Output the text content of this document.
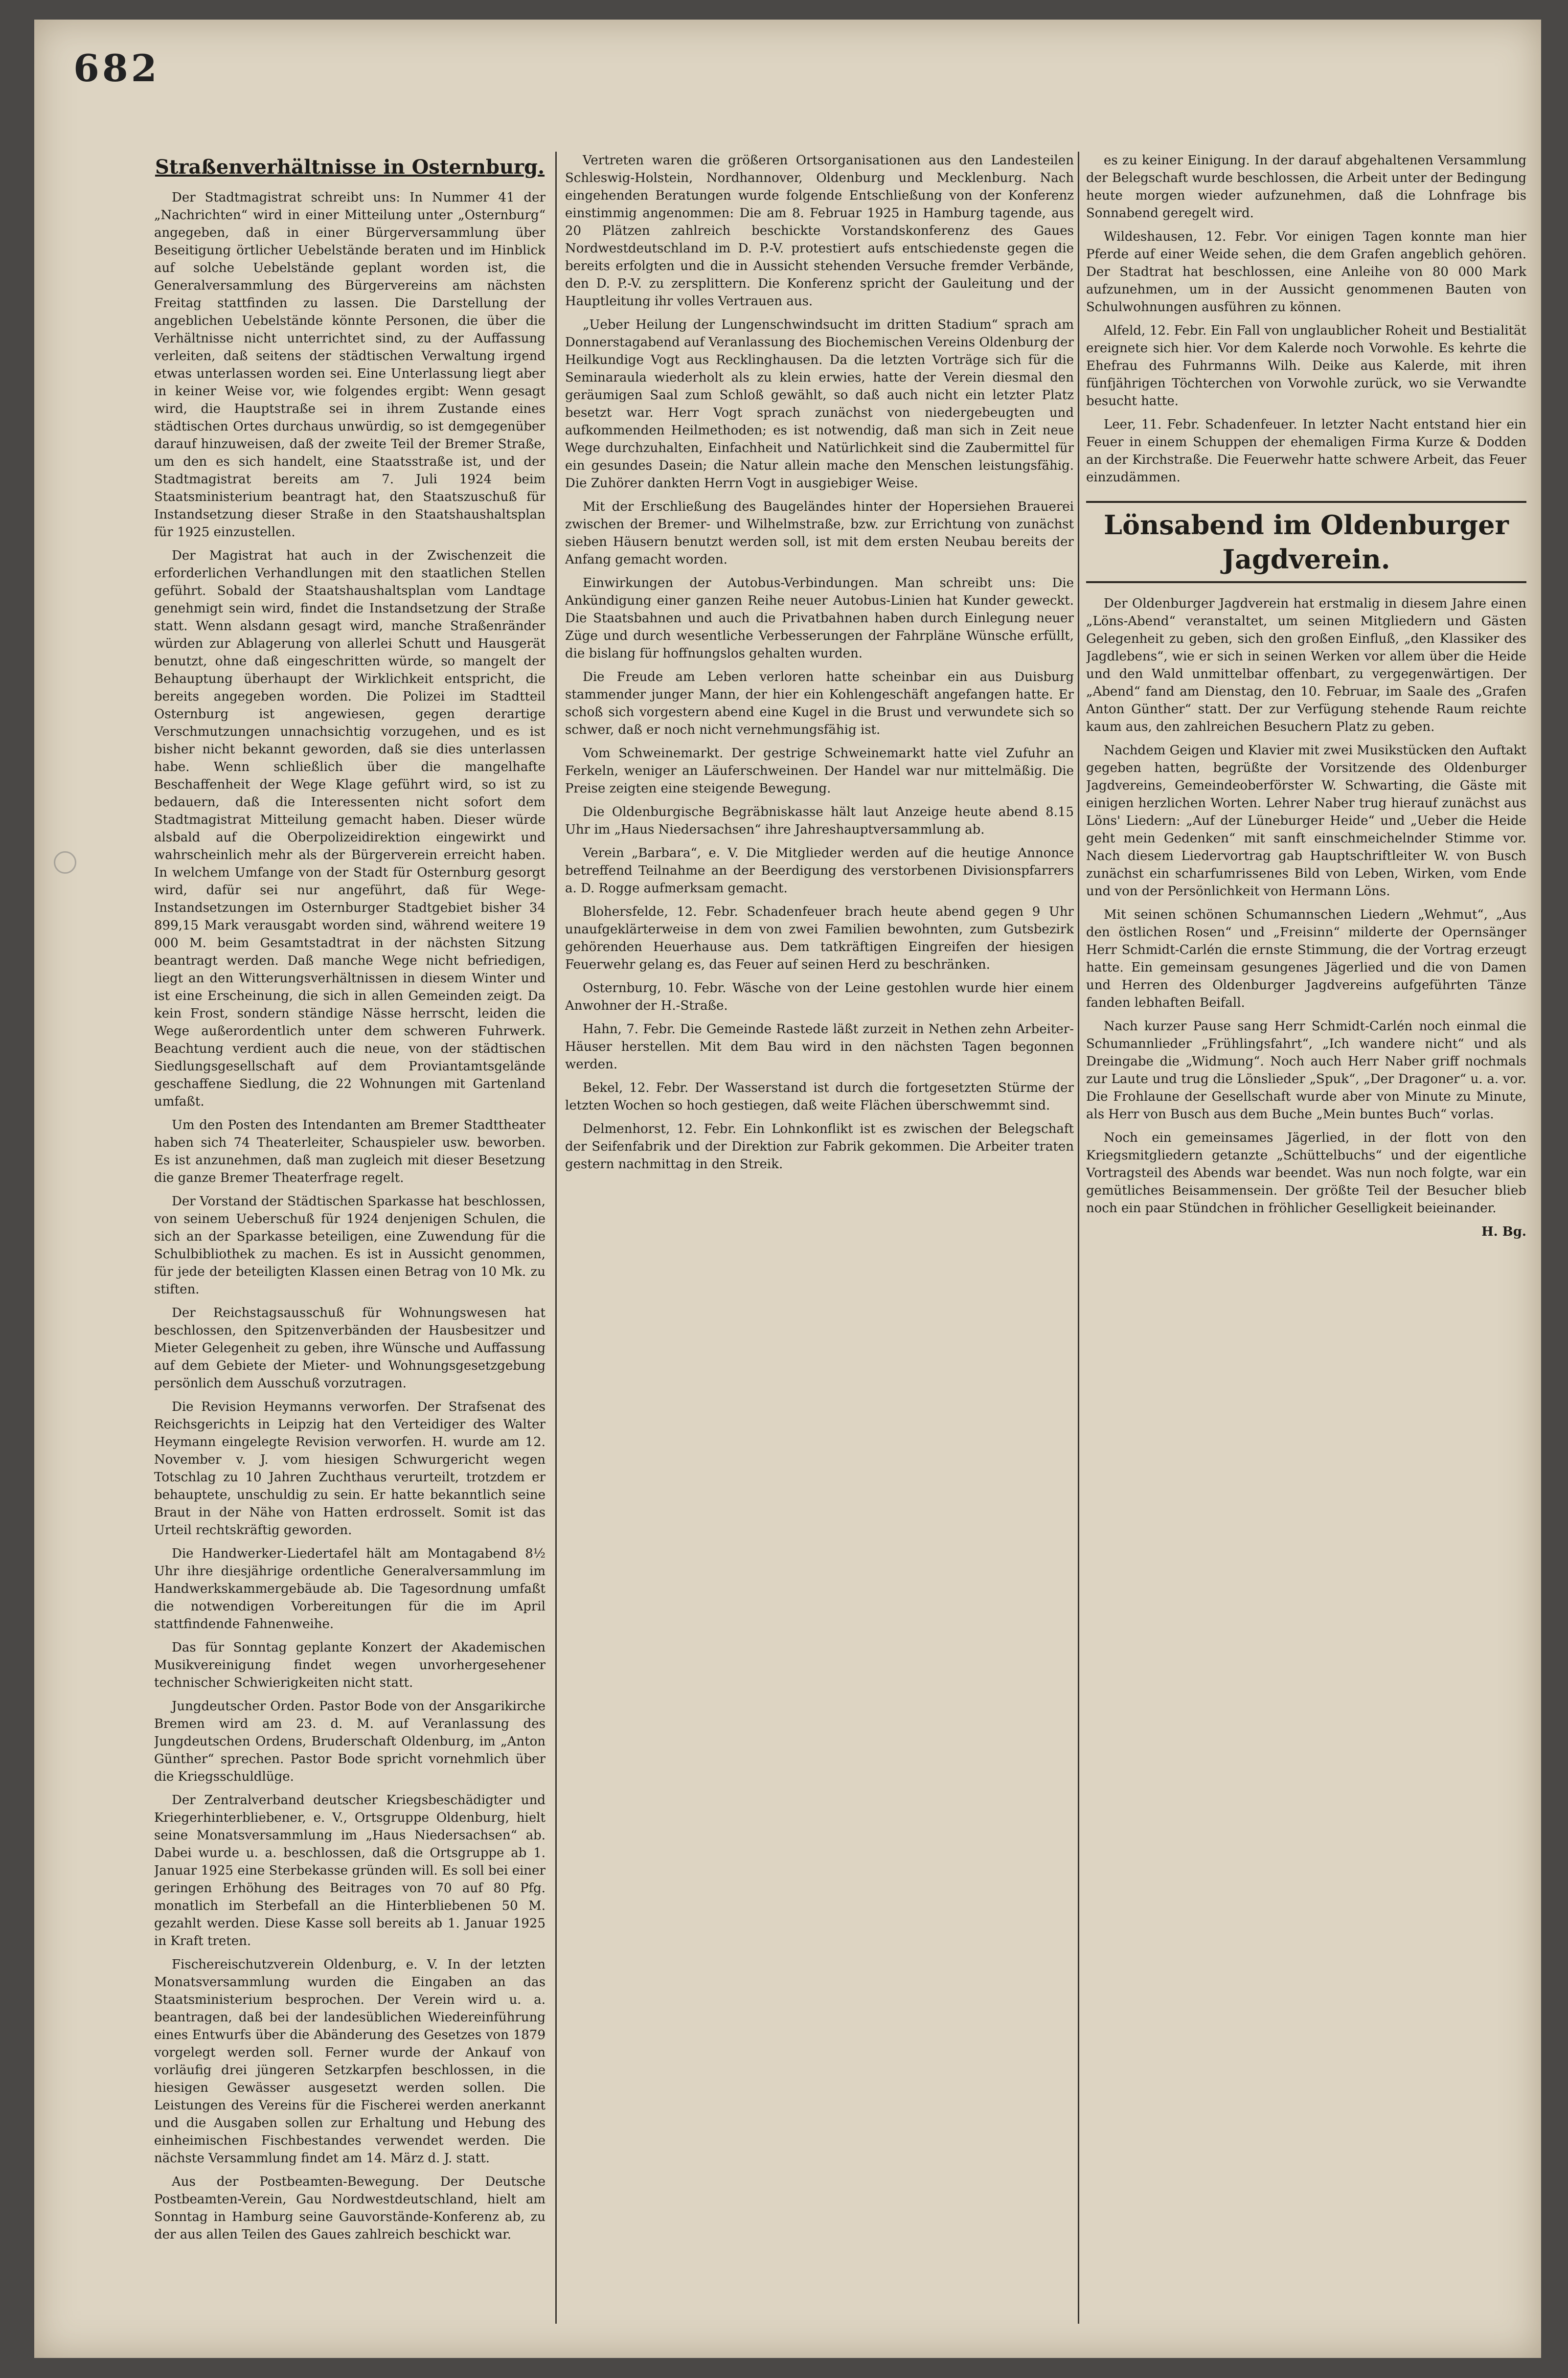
682
Straßenverhältnisse in Osternburg.

Der Stadtmagistrat schreibt uns: In Nummer 41 der „Nachrichten“ wird in einer Mitteilung unter „Osternburg“ angegeben, daß in einer Bürgerversammlung über Beseitigung örtlicher Uebelstände beraten und im Hinblick auf solche Uebelstände geplant worden ist, die Generalversammlung des Bürgervereins am nächsten Freitag stattfinden zu lassen. Die Darstellung der angeblichen Uebelstände könnte Personen, die über die Verhältnisse nicht unterrichtet sind, zu der Auffassung verleiten, daß seitens der städtischen Verwaltung irgend etwas unterlassen worden sei. Eine Unterlassung liegt aber in keiner Weise vor, wie folgendes ergibt: Wenn gesagt wird, die Hauptstraße sei in ihrem Zustande eines städtischen Ortes durchaus unwürdig, so ist demgegenüber darauf hinzuweisen, daß der zweite Teil der Bremer Straße, um den es sich handelt, eine Staatsstraße ist, und der Stadtmagistrat bereits am 7. Juli 1924 beim Staatsministerium beantragt hat, den Staatszuschuß für Instandsetzung dieser Straße in den Staatshaushaltsplan für 1925 einzustellen.

Der Magistrat hat auch in der Zwischenzeit die erforderlichen Verhandlungen mit den staatlichen Stellen geführt. Sobald der Staatshaushaltsplan vom Landtage genehmigt sein wird, findet die Instandsetzung der Straße statt. Wenn alsdann gesagt wird, manche Straßenränder würden zur Ablagerung von allerlei Schutt und Hausgerät benutzt, ohne daß eingeschritten würde, so mangelt der Behauptung überhaupt der Wirklichkeit entspricht, die bereits angegeben worden. Die Polizei im Stadtteil Osternburg ist angewiesen, gegen derartige Verschmutzungen unnachsichtig vorzugehen, und es ist bisher nicht bekannt geworden, daß sie dies unterlassen habe. Wenn schließlich über die mangelhafte Beschaffenheit der Wege Klage geführt wird, so ist zu bedauern, daß die Interessenten nicht sofort dem Stadtmagistrat Mitteilung gemacht haben. Dieser würde alsbald auf die Oberpolizeidirektion eingewirkt und wahrscheinlich mehr als der Bürgerverein erreicht haben. In welchem Umfange von der Stadt für Osternburg gesorgt wird, dafür sei nur angeführt, daß für Wege-Instandsetzungen im Osternburger Stadtgebiet bisher 34 899,15 Mark verausgabt worden sind, während weitere 19 000 M. beim Gesamtstadtrat in der nächsten Sitzung beantragt werden. Daß manche Wege nicht befriedigen, liegt an den Witterungsverhältnissen in diesem Winter und ist eine Erscheinung, die sich in allen Gemeinden zeigt. Da kein Frost, sondern ständige Nässe herrscht, leiden die Wege außerordentlich unter dem schweren Fuhrwerk. Beachtung verdient auch die neue, von der städtischen Siedlungsgesellschaft auf dem Proviantamtsgelände geschaffene Siedlung, die 22 Wohnungen mit Gartenland umfaßt.

Um den Posten des Intendanten am Bremer Stadttheater haben sich 74 Theaterleiter, Schauspieler usw. beworben. Es ist anzunehmen, daß man zugleich mit dieser Besetzung die ganze Bremer Theaterfrage regelt.

Der Vorstand der Städtischen Sparkasse hat beschlossen, von seinem Ueberschuß für 1924 denjenigen Schulen, die sich an der Sparkasse beteiligen, eine Zuwendung für die Schulbibliothek zu machen. Es ist in Aussicht genommen, für jede der beteiligten Klassen einen Betrag von 10 Mk. zu stiften.

Der Reichstagsausschuß für Wohnungswesen hat beschlossen, den Spitzenverbänden der Hausbesitzer und Mieter Gelegenheit zu geben, ihre Wünsche und Auffassung auf dem Gebiete der Mieter- und Wohnungsgesetzgebung persönlich dem Ausschuß vorzutragen.

Die Revision Heymanns verworfen. Der Strafsenat des Reichsgerichts in Leipzig hat den Verteidiger des Walter Heymann eingelegte Revision verworfen. H. wurde am 12. November v. J. vom hiesigen Schwurgericht wegen Totschlag zu 10 Jahren Zuchthaus verurteilt, trotzdem er behauptete, unschuldig zu sein. Er hatte bekanntlich seine Braut in der Nähe von Hatten erdrosselt. Somit ist das Urteil rechtskräftig geworden.

Die Handwerker-Liedertafel hält am Montagabend 8½ Uhr ihre diesjährige ordentliche Generalversammlung im Handwerkskammergebäude ab. Die Tagesordnung umfaßt die notwendigen Vorbereitungen für die im April stattfindende Fahnenweihe.

Das für Sonntag geplante Konzert der Akademischen Musikvereinigung findet wegen unvorhergesehener technischer Schwierigkeiten nicht statt.

Jungdeutscher Orden. Pastor Bode von der Ansgarikirche Bremen wird am 23. d. M. auf Veranlassung des Jungdeutschen Ordens, Bruderschaft Oldenburg, im „Anton Günther“ sprechen. Pastor Bode spricht vornehmlich über die Kriegsschuldlüge.

Der Zentralverband deutscher Kriegsbeschädigter und Kriegerhinterbliebener, e. V., Ortsgruppe Oldenburg, hielt seine Monatsversammlung im „Haus Niedersachsen“ ab. Dabei wurde u. a. beschlossen, daß die Ortsgruppe ab 1. Januar 1925 eine Sterbekasse gründen will. Es soll bei einer geringen Erhöhung des Beitrages von 70 auf 80 Pfg. monatlich im Sterbefall an die Hinterbliebenen 50 M. gezahlt werden. Diese Kasse soll bereits ab 1. Januar 1925 in Kraft treten.

Fischereischutzverein Oldenburg, e. V. In der letzten Monatsversammlung wurden die Eingaben an das Staatsministerium besprochen. Der Verein wird u. a. beantragen, daß bei der landesüblichen Wiedereinführung eines Entwurfs über die Abänderung des Gesetzes von 1879 vorgelegt werden soll. Ferner wurde der Ankauf von vorläufig drei jüngeren Setzkarpfen beschlossen, in die hiesigen Gewässer ausgesetzt werden sollen. Die Leistungen des Vereins für die Fischerei werden anerkannt und die Ausgaben sollen zur Erhaltung und Hebung des einheimischen Fischbestandes verwendet werden. Die nächste Versammlung findet am 14. März d. J. statt.

Aus der Postbeamten-Bewegung. Der Deutsche Postbeamten-Verein, Gau Nordwestdeutschland, hielt am Sonntag in Hamburg seine Gauvorstände-Konferenz ab, zu der aus allen Teilen des Gaues zahlreich beschickt war.

Vertreten waren die größeren Ortsorganisationen aus den Landesteilen Schleswig-Holstein, Nordhannover, Oldenburg und Mecklenburg. Nach eingehenden Beratungen wurde folgende Entschließung von der Konferenz einstimmig angenommen: Die am 8. Februar 1925 in Hamburg tagende, aus 20 Plätzen zahlreich beschickte Vorstandskonferenz des Gaues Nordwestdeutschland im D. P.-V. protestiert aufs entschiedenste gegen die bereits erfolgten und die in Aussicht stehenden Versuche fremder Verbände, den D. P.-V. zu zersplittern. Die Konferenz spricht der Gauleitung und der Hauptleitung ihr volles Vertrauen aus.

„Ueber Heilung der Lungenschwindsucht im dritten Stadium“ sprach am Donnerstagabend auf Veranlassung des Biochemischen Vereins Oldenburg der Heilkundige Vogt aus Recklinghausen. Da die letzten Vorträge sich für die Seminaraula wiederholt als zu klein erwies, hatte der Verein diesmal den geräumigen Saal zum Schloß gewählt, so daß auch nicht ein letzter Platz besetzt war. Herr Vogt sprach zunächst von niedergebeugten und aufkommenden Heilmethoden; es ist notwendig, daß man sich in Zeit neue Wege durchzuhalten, Einfachheit und Natürlichkeit sind die Zaubermittel für ein gesundes Dasein; die Natur allein mache den Menschen leistungsfähig. Die Zuhörer dankten Herrn Vogt in ausgiebiger Weise.

Mit der Erschließung des Baugeländes hinter der Hopersiehen Brauerei zwischen der Bremer- und Wilhelmstraße, bzw. zur Errichtung von zunächst sieben Häusern benutzt werden soll, ist mit dem ersten Neubau bereits der Anfang gemacht worden.

Einwirkungen der Autobus-Verbindungen. Man schreibt uns: Die Ankündigung einer ganzen Reihe neuer Autobus-Linien hat Kunder geweckt. Die Staatsbahnen und auch die Privatbahnen haben durch Einlegung neuer Züge und durch wesentliche Verbesserungen der Fahrpläne Wünsche erfüllt, die bislang für hoffnungslos gehalten wurden.

Die Freude am Leben verloren hatte scheinbar ein aus Duisburg stammender junger Mann, der hier ein Kohlengeschäft angefangen hatte. Er schoß sich vorgestern abend eine Kugel in die Brust und verwundete sich so schwer, daß er noch nicht vernehmungsfähig ist.

Vom Schweinemarkt. Der gestrige Schweinemarkt hatte viel Zufuhr an Ferkeln, weniger an Läuferschweinen. Der Handel war nur mittelmäßig. Die Preise zeigten eine steigende Bewegung.

Die Oldenburgische Begräbniskasse hält laut Anzeige heute abend 8.15 Uhr im „Haus Niedersachsen“ ihre Jahreshauptversammlung ab.

Verein „Barbara“, e. V. Die Mitglieder werden auf die heutige Annonce betreffend Teilnahme an der Beerdigung des verstorbenen Divisionspfarrers a. D. Rogge aufmerksam gemacht.

Blohersfelde, 12. Febr. Schadenfeuer brach heute abend gegen 9 Uhr unaufgeklärterweise in dem von zwei Familien bewohnten, zum Gutsbezirk gehörenden Heuerhause aus. Dem tatkräftigen Eingreifen der hiesigen Feuerwehr gelang es, das Feuer auf seinen Herd zu beschränken.

Osternburg, 10. Febr. Wäsche von der Leine gestohlen wurde hier einem Anwohner der H.-Straße.

Hahn, 7. Febr. Die Gemeinde Rastede läßt zurzeit in Nethen zehn Arbeiter-Häuser herstellen. Mit dem Bau wird in den nächsten Tagen begonnen werden.

Bekel, 12. Febr. Der Wasserstand ist durch die fortgesetzten Stürme der letzten Wochen so hoch gestiegen, daß weite Flächen überschwemmt sind.

Delmenhorst, 12. Febr. Ein Lohnkonflikt ist es zwischen der Belegschaft der Seifenfabrik und der Direktion zur Fabrik gekommen. Die Arbeiter traten gestern nachmittag in den Streik.

es zu keiner Einigung. In der darauf abgehaltenen Versammlung der Belegschaft wurde beschlossen, die Arbeit unter der Bedingung heute morgen wieder aufzunehmen, daß die Lohnfrage bis Sonnabend geregelt wird.

Wildeshausen, 12. Febr. Vor einigen Tagen konnte man hier Pferde auf einer Weide sehen, die dem Grafen angeblich gehören. Der Stadtrat hat beschlossen, eine Anleihe von 80 000 Mark aufzunehmen, um in der Aussicht genommenen Bauten von Schulwohnungen ausführen zu können.

Alfeld, 12. Febr. Ein Fall von unglaublicher Roheit und Bestialität ereignete sich hier. Vor dem Kalerde noch Vorwohle. Es kehrte die Ehefrau des Fuhrmanns Wilh. Deike aus Kalerde, mit ihren fünfjährigen Töchterchen von Vorwohle zurück, wo sie Verwandte besucht hatte.

Leer, 11. Febr. Schadenfeuer. In letzter Nacht entstand hier ein Feuer in einem Schuppen der ehemaligen Firma Kurze & Dodden an der Kirchstraße. Die Feuerwehr hatte schwere Arbeit, das Feuer einzudämmen.

Lönsabend im Oldenburger Jagdverein.

Der Oldenburger Jagdverein hat erstmalig in diesem Jahre einen „Löns-Abend“ veranstaltet, um seinen Mitgliedern und Gästen Gelegenheit zu geben, sich den großen Einfluß, „den Klassiker des Jagdlebens“, wie er sich in seinen Werken vor allem über die Heide und den Wald unmittelbar offenbart, zu vergegenwärtigen. Der „Abend“ fand am Dienstag, den 10. Februar, im Saale des „Grafen Anton Günther“ statt. Der zur Verfügung stehende Raum reichte kaum aus, den zahlreichen Besuchern Platz zu geben.

Nachdem Geigen und Klavier mit zwei Musikstücken den Auftakt gegeben hatten, begrüßte der Vorsitzende des Oldenburger Jagdvereins, Gemeindeoberförster W. Schwarting, die Gäste mit einigen herzlichen Worten. Lehrer Naber trug hierauf zunächst aus Löns' Liedern: „Auf der Lüneburger Heide“ und „Ueber die Heide geht mein Gedenken“ mit sanft einschmeichelnder Stimme vor. Nach diesem Liedervortrag gab Hauptschriftleiter W. von Busch zunächst ein scharfumrissenes Bild von Leben, Wirken, vom Ende und von der Persönlichkeit von Hermann Löns.

Mit seinen schönen Schumannschen Liedern „Wehmut“, „Aus den östlichen Rosen“ und „Freisinn“ milderte der Opernsänger Herr Schmidt-Carlén die ernste Stimmung, die der Vortrag erzeugt hatte. Ein gemeinsam gesungenes Jägerlied und die von Damen und Herren des Oldenburger Jagdvereins aufgeführten Tänze fanden lebhaften Beifall.

Nach kurzer Pause sang Herr Schmidt-Carlén noch einmal die Schumannlieder „Frühlingsfahrt“, „Ich wandere nicht“ und als Dreingabe die „Widmung“. Noch auch Herr Naber griff nochmals zur Laute und trug die Lönslieder „Spuk“, „Der Dragoner“ u. a. vor. Die Frohlaune der Gesellschaft wurde aber von Minute zu Minute, als Herr von Busch aus dem Buche „Mein buntes Buch“ vorlas.

Noch ein gemeinsames Jägerlied, in der flott von den Kriegsmitgliedern getanzte „Schüttelbuchs“ und der eigentliche Vortragsteil des Abends war beendet. Was nun noch folgte, war ein gemütliches Beisammensein. Der größte Teil der Besucher blieb noch ein paar Stündchen in fröhlicher Geselligkeit beieinander.

H. Bg.
